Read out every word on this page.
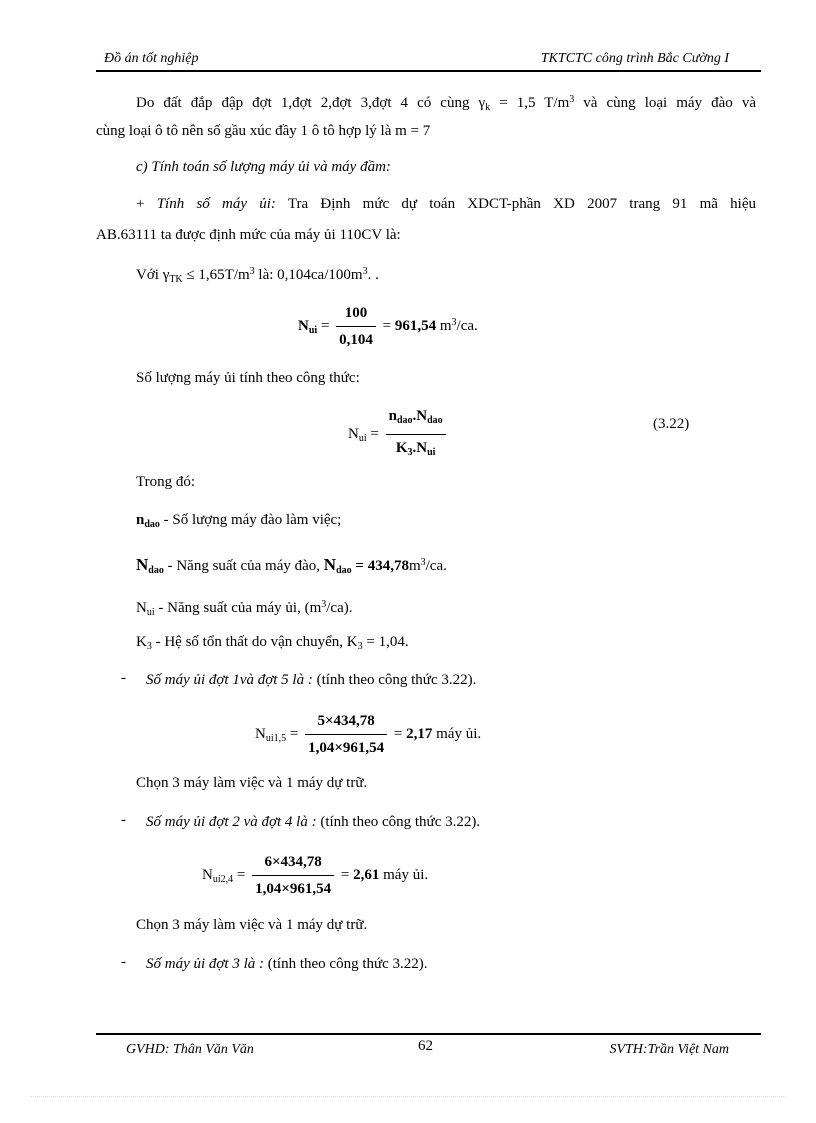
Đồ án tốt nghiệp	TKTCTC công trình Bắc Cường I
Do đất đắp đập đợt 1,đợt 2,đợt 3,đợt 4 có cùng $\gamma_k = 1,5$ $T/m^3$ và cùng loại máy đào và
cùng loại ô tô nên số gầu xúc đầy 1 ô tô hợp lý là m = 7
c) Tính toán số lượng máy ủi và máy đầm:
+ Tính số máy ủi: Tra Định mức dự toán XDCT-phần XD 2007 trang 91 mã hiệu
AB.63111 ta được định mức của máy ủi 110CV là:
Với $\gamma_{TK} \le 1,65T/m^3$ là: $0,104ca/100m^3$. .
$N_{ui} = \frac{100}{0,104} = 961,54$ $m^3/ca$.
Số lượng máy ủi tính theo công thức:
$N_{ui} = \frac{n_{dao}.N_{dao}}{K_3.N_{ui}}$	(3.22)
Trong đó:
$n_{dao}$ - Số lượng máy đào làm việc;
$N_{dao}$ - Năng suất của máy đào, $N_{dao} = 434,78m^3/ca$.
$N_{ui}$ - Năng suất của máy ủi, $(m^3/ca)$.
$K_3$ - Hệ số tổn thất do vận chuyển, $K_3 = 1,04$.
- Số máy ủi đợt 1và đợt 5 là : (tính theo công thức 3.22).
$N_{ui1,5} = \frac{5\times 434,78}{1,04\times 961,54} = 2,17$ máy ủi.
Chọn 3 máy làm việc và 1 máy dự trữ.
- Số máy ủi đợt 2 và đợt 4 là : (tính theo công thức 3.22).
$N_{ui2,4} = \frac{6\times 434,78}{1,04\times 961,54} = 2,61$ máy ủi.
Chọn 3 máy làm việc và 1 máy dự trữ.
- Số máy ủi đợt 3 là : (tính theo công thức 3.22).
GVHD: Thân Văn Văn	62	SVTH:Trần Việt Nam
